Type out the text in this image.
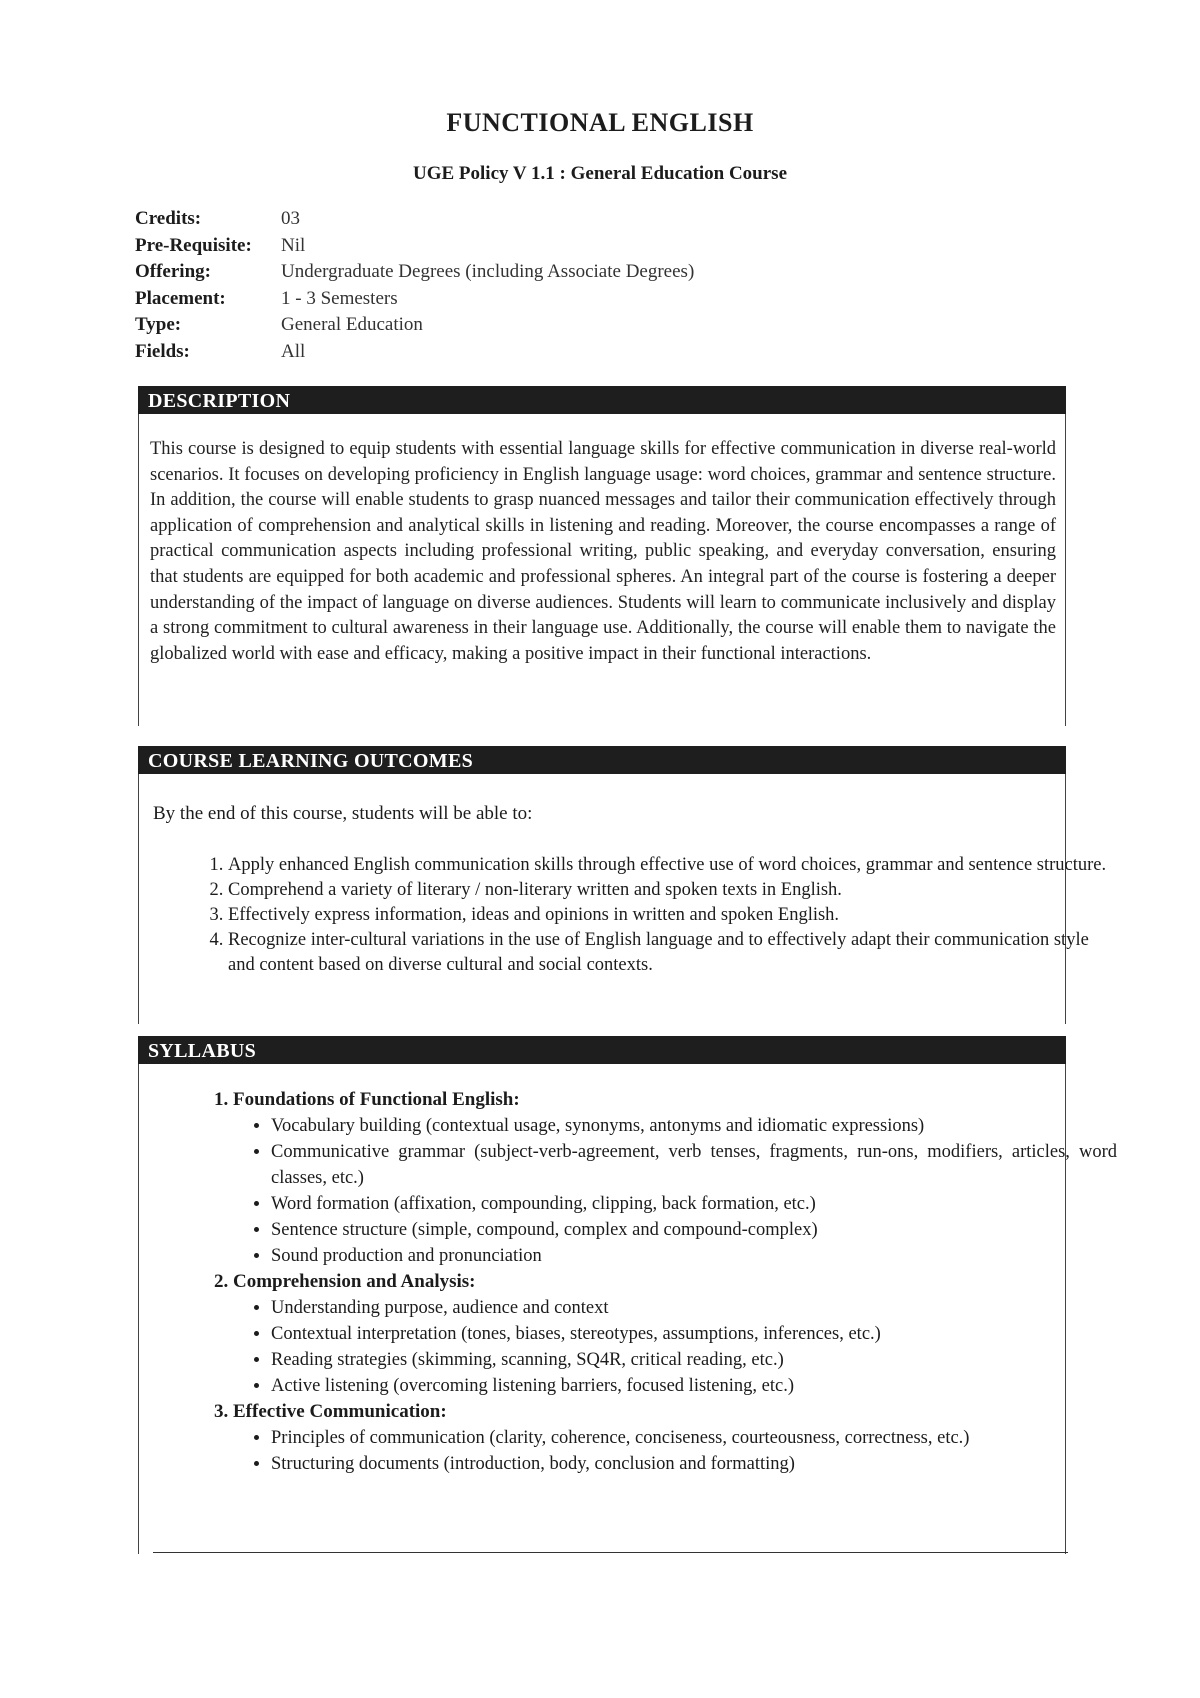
FUNCTIONAL ENGLISH
UGE Policy V 1.1 : General Education Course
Credits:	03
Pre-Requisite:	Nil
Offering:	Undergraduate Degrees (including Associate Degrees)
Placement:	1 - 3 Semesters
Type:	General Education
Fields:	All
DESCRIPTION
This course is designed to equip students with essential language skills for effective communication in diverse real-world scenarios. It focuses on developing proficiency in English language usage: word choices, grammar and sentence structure. In addition, the course will enable students to grasp nuanced messages and tailor their communication effectively through application of comprehension and analytical skills in listening and reading. Moreover, the course encompasses a range of practical communication aspects including professional writing, public speaking, and everyday conversation, ensuring that students are equipped for both academic and professional spheres. An integral part of the course is fostering a deeper understanding of the impact of language on diverse audiences. Students will learn to communicate inclusively and display a strong commitment to cultural awareness in their language use. Additionally, the course will enable them to navigate the globalized world with ease and efficacy, making a positive impact in their functional interactions.
COURSE LEARNING OUTCOMES
By the end of this course, students will be able to:
1. Apply enhanced English communication skills through effective use of word choices, grammar and sentence structure.
2. Comprehend a variety of literary / non-literary written and spoken texts in English.
3. Effectively express information, ideas and opinions in written and spoken English.
4. Recognize inter-cultural variations in the use of English language and to effectively adapt their communication style and content based on diverse cultural and social contexts.
SYLLABUS
1. Foundations of Functional English:
• Vocabulary building (contextual usage, synonyms, antonyms and idiomatic expressions)
• Communicative grammar (subject-verb-agreement, verb tenses, fragments, run-ons, modifiers, articles, word classes, etc.)
• Word formation (affixation, compounding, clipping, back formation, etc.)
• Sentence structure (simple, compound, complex and compound-complex)
• Sound production and pronunciation
2. Comprehension and Analysis:
• Understanding purpose, audience and context
• Contextual interpretation (tones, biases, stereotypes, assumptions, inferences, etc.)
• Reading strategies (skimming, scanning, SQ4R, critical reading, etc.)
• Active listening (overcoming listening barriers, focused listening, etc.)
3. Effective Communication:
• Principles of communication (clarity, coherence, conciseness, courteousness, correctness, etc.)
• Structuring documents (introduction, body, conclusion and formatting)
